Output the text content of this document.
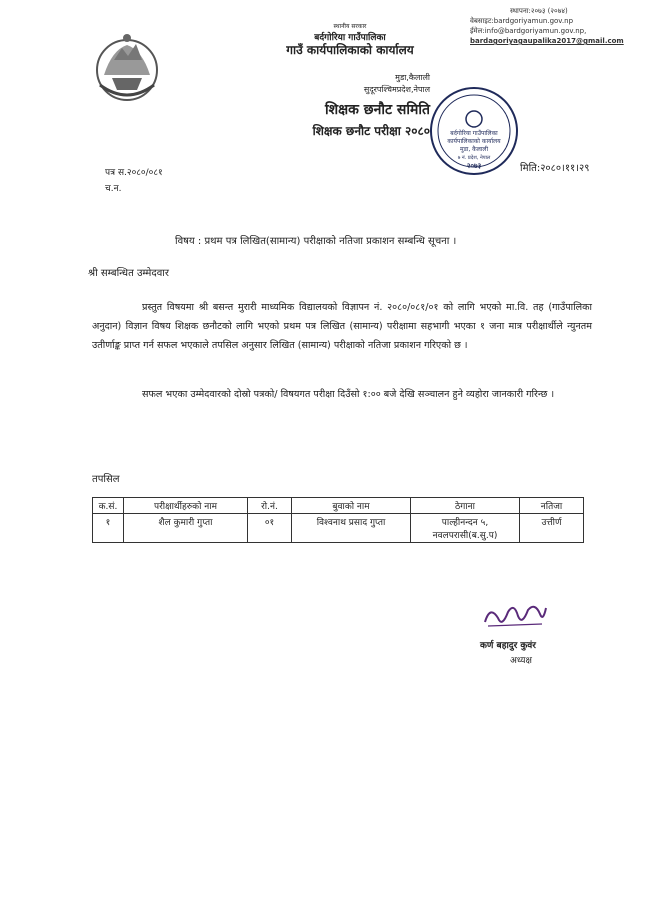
स्थानीय सरकार
बर्दगोरिया गाउँपालिका
गाउँ कार्यपालिकाको कार्यालय
मुडा,कैलाली
सुदूरपश्चिमप्रदेश,नेपाल
स्थापना:२०७३ (२०७४)
वेबसाइट:bardgoriyamun.gov.np
ईमेल:info@bardgoriyamun.gov.np,
bardagoriyagaupalika2017@gmail.com
शिक्षक छनौट समिति
शिक्षक छनौट परीक्षा २०८०	बर्दगोरिया गाउँपालिका
कार्यपालिकाको कार्यालय
मुडा, कैलाली
७ नं. प्रदेश, नेपाल
२०७३
पत्र स.२०८०/०८१
च.न.
मिति:२०८०।११।२९
विषय : प्रथम पत्र लिखित(सामान्य) परीक्षाको नतिजा प्रकाशन सम्बन्धि सूचना ।
श्री सम्बन्धित उम्मेदवार
प्रस्तुत विषयमा श्री बसन्त मुरारी माध्यमिक विद्यालयको विज्ञापन नं. २०८०/०८१/०१ को लागि भएको मा.वि. तह (गाउँपालिका अनुदान) विज्ञान विषय शिक्षक छनौटको लागि भएको प्रथम पत्र लिखित (सामान्य) परीक्षामा सहभागी भएका १ जना मात्र परीक्षार्थीले न्युनतम उतीर्णाङ्क प्राप्त गर्न सफल भएकाले तपसिल अनुसार लिखित (सामान्य) परीक्षाको नतिजा प्रकाशन गरिएको छ ।
सफल भएका उम्मेदवारको दोस्रो पत्रको/ विषयगत परीक्षा दिउँसो १:०० बजे देखि सञ्चालन हुने व्यहोरा जानकारी गरिन्छ ।
तपसिल
क.सं.	परीक्षार्थीहरुको नाम	रो.नं.	बुवाको नाम	ठेगाना	नतिजा
१	शैल कुमारी गुप्ता	०१	विश्वनाथ प्रसाद गुप्ता	पाल्हीनन्दन ५, नवलपरासी(ब.सु.प)	उत्तीर्ण
कर्ण बहादुर कुवंर
अध्यक्ष
